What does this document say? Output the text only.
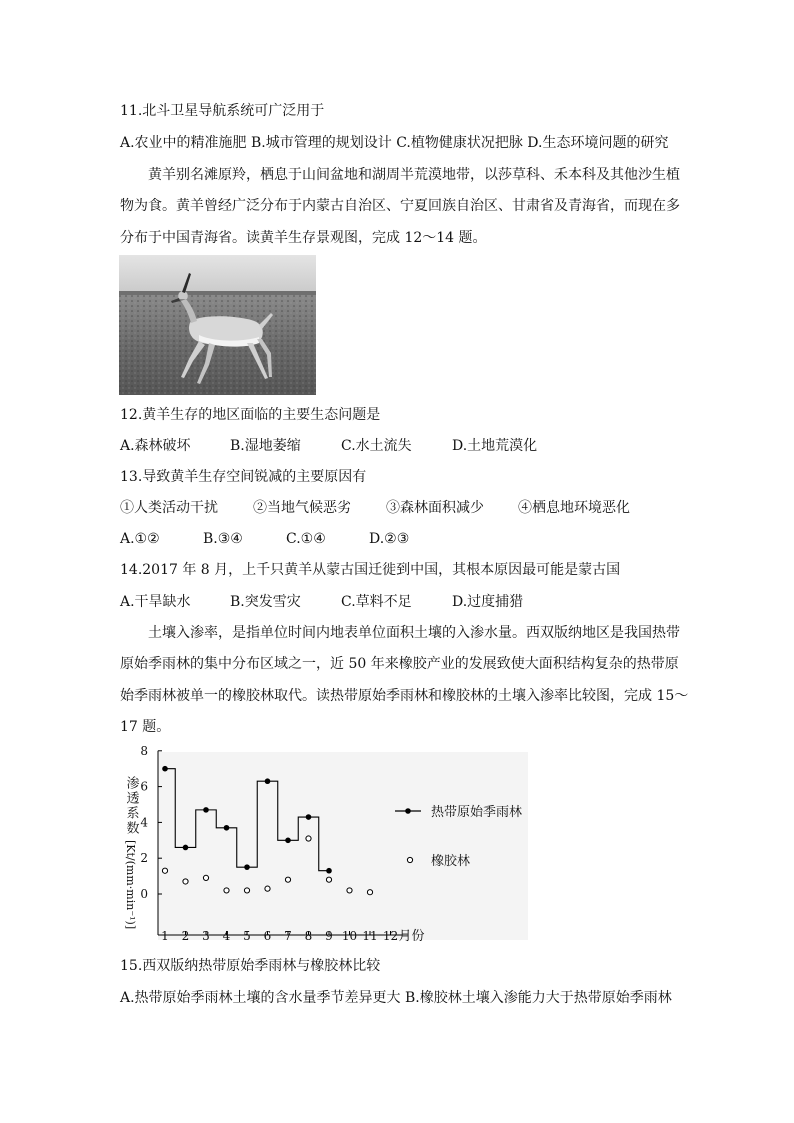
11.北斗卫星导航系统可广泛用于
A.农业中的精准施肥 B.城市管理的规划设计 C.植物健康状况把脉 D.生态环境问题的研究
黄羊别名滩原羚，栖息于山间盆地和湖周半荒漠地带，以莎草科、禾本科及其他沙生植
物为食。黄羊曾经广泛分布于内蒙古自治区、宁夏回族自治区、甘肃省及青海省，而现在多
分布于中国青海省。读黄羊生存景观图，完成 12～14 题。
12.黄羊生存的地区面临的主要生态问题是
A.森林破坏	B.湿地萎缩	C.水土流失	D.土地荒漠化
13.导致黄羊生存空间锐减的主要原因有
①人类活动干扰	②当地气候恶劣	③森林面积减少 ④栖息地环境恶化
A.①②	B.③④	C.①④	D.②③
14.2017 年 8 月，上千只黄羊从蒙古国迁徙到中国，其根本原因最可能是蒙古国
A.干旱缺水	B.突发雪灾	C.草料不足	D.过度捕猎
土壤入渗率，是指单位时间内地表单位面积土壤的入渗水量。西双版纳地区是我国热带
原始季雨林的集中分布区域之一，近 50 年来橡胶产业的发展致使大面积结构复杂的热带原
始季雨林被单一的橡胶林取代。读热带原始季雨林和橡胶林的土壤入渗率比较图，完成 15～
17 题。
0
2
4
6
8
1 2 3 4 5 6 7 8 9 10 11 12 月份
渗透系数
[Kt/(mm·min⁻¹)]
热带原始季雨林
橡胶林
15.西双版纳热带原始季雨林与橡胶林比较
A.热带原始季雨林土壤的含水量季节差异更大 B.橡胶林土壤入渗能力大于热带原始季雨林
